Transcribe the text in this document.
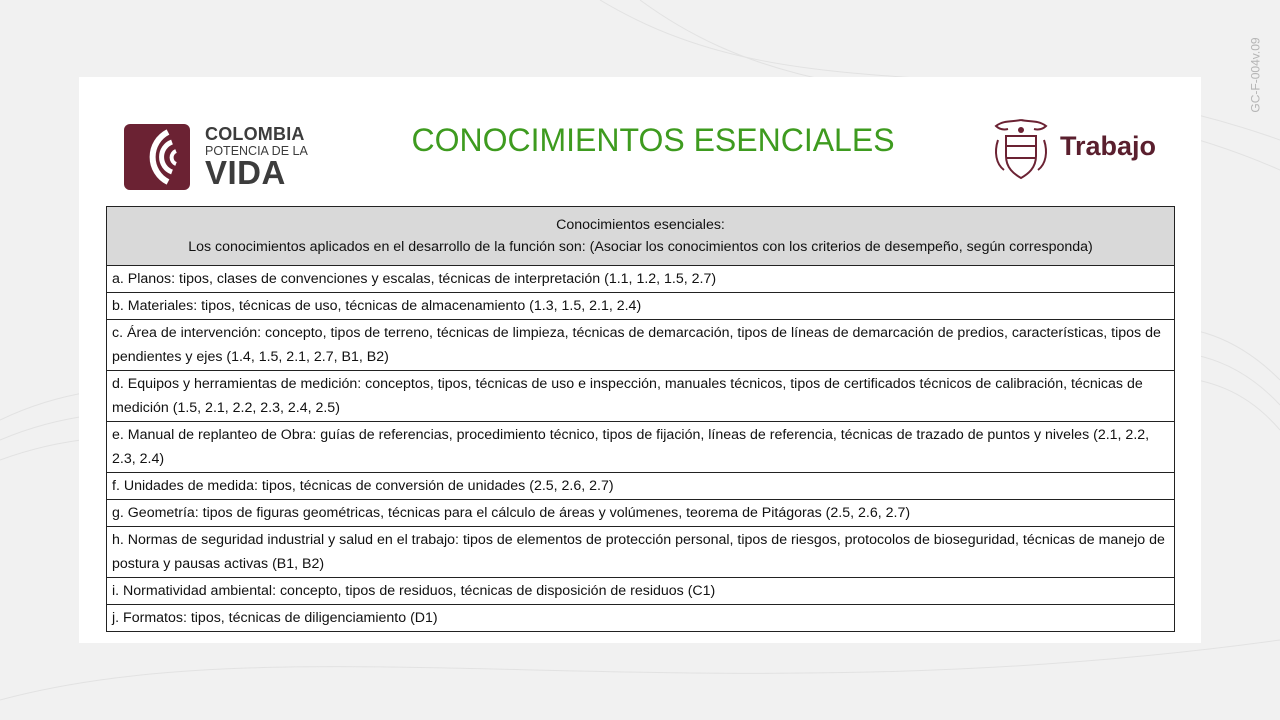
GC-F-004v.09
COLOMBIA
POTENCIA DE LA
VIDA
CONOCIMIENTOS ESENCIALES	Trabajo
Conocimientos esenciales:
Los conocimientos aplicados en el desarrollo de la función son: (Asociar los conocimientos con los criterios de desempeño, según corresponda)

a. Planos: tipos, clases de convenciones y escalas, técnicas de interpretación (1.1, 1.2, 1.5, 2.7)
b. Materiales: tipos, técnicas de uso, técnicas de almacenamiento (1.3, 1.5, 2.1, 2.4)
c. Área de intervención: concepto, tipos de terreno, técnicas de limpieza, técnicas de demarcación, tipos de líneas de demarcación de predios, características, tipos de pendientes y ejes (1.4, 1.5, 2.1, 2.7, B1, B2)
d. Equipos y herramientas de medición: conceptos, tipos, técnicas de uso e inspección, manuales técnicos, tipos de certificados técnicos de calibración, técnicas de medición (1.5, 2.1, 2.2, 2.3, 2.4, 2.5)
e. Manual de replanteo de Obra: guías de referencias, procedimiento técnico, tipos de fijación, líneas de referencia, técnicas de trazado de puntos y niveles (2.1, 2.2, 2.3, 2.4)
f. Unidades de medida: tipos, técnicas de conversión de unidades (2.5, 2.6, 2.7)
g. Geometría: tipos de figuras geométricas, técnicas para el cálculo de áreas y volúmenes, teorema de Pitágoras (2.5, 2.6, 2.7)
h. Normas de seguridad industrial y salud en el trabajo: tipos de elementos de protección personal, tipos de riesgos, protocolos de bioseguridad, técnicas de manejo de postura y pausas activas (B1, B2)
i. Normatividad ambiental: concepto, tipos de residuos, técnicas de disposición de residuos (C1)
j. Formatos: tipos, técnicas de diligenciamiento (D1)
